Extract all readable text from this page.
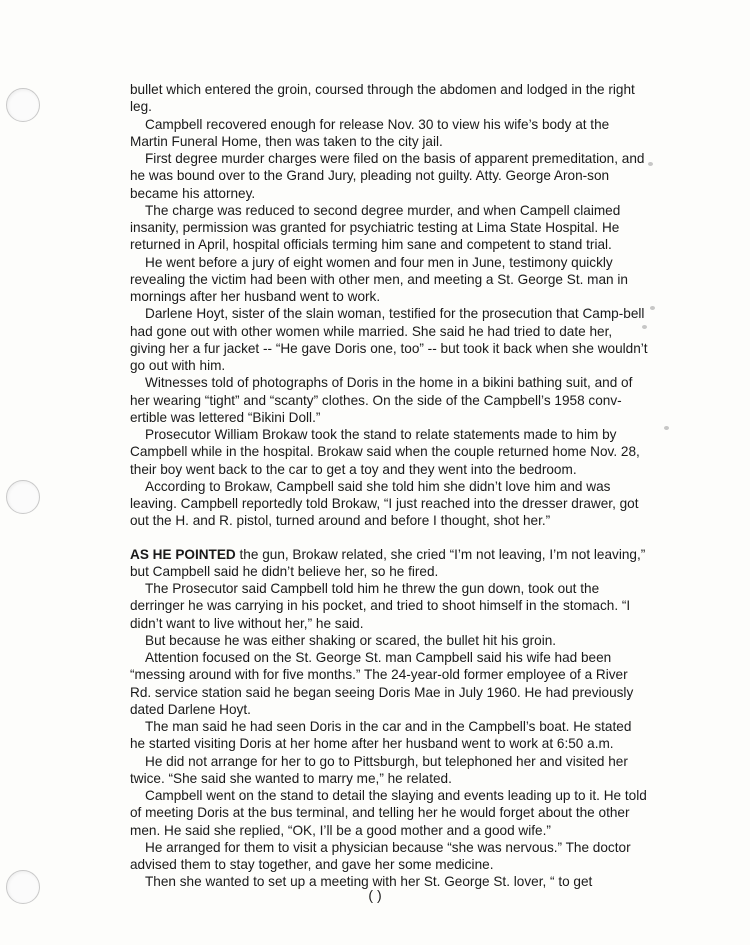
bullet which entered the groin, coursed through the abdomen and lodged in the right leg.

Campbell recovered enough for release Nov. 30 to view his wife’s body at the Martin Funeral Home, then was taken to the city jail.

First degree murder charges were filed on the basis of apparent premeditation, and he was bound over to the Grand Jury, pleading not guilty. Atty. George Aron-son became his attorney.

The charge was reduced to second degree murder, and when Campell claimed insanity, permission was granted for psychiatric testing at Lima State Hospital. He returned in April, hospital officials terming him sane and competent to stand trial.

He went before a jury of eight women and four men in June, testimony quickly revealing the victim had been with other men, and meeting a St. George St. man in mornings after her husband went to work.

Darlene Hoyt, sister of the slain woman, testified for the prosecution that Camp-bell had gone out with other women while married. She said he had tried to date her, giving her a fur jacket -- “He gave Doris one, too” -- but took it back when she wouldn’t go out with him.

Witnesses told of photographs of Doris in the home in a bikini bathing suit, and of her wearing “tight” and “scanty” clothes. On the side of the Campbell’s 1958 conv-ertible was lettered “Bikini Doll.”

Prosecutor William Brokaw took the stand to relate statements made to him by Campbell while in the hospital. Brokaw said when the couple returned home Nov. 28, their boy went back to the car to get a toy and they went into the bedroom.

According to Brokaw, Campbell said she told him she didn’t love him and was leaving. Campbell reportedly told Brokaw, “I just reached into the dresser drawer, got out the H. and R. pistol, turned around and before I thought, shot her.”

AS HE POINTED the gun, Brokaw related, she cried “I’m not leaving, I’m not leaving,” but Campbell said he didn’t believe her, so he fired.

The Prosecutor said Campbell told him he threw the gun down, took out the derringer he was carrying in his pocket, and tried to shoot himself in the stomach. “I didn’t want to live without her,” he said.

But because he was either shaking or scared, the bullet hit his groin.

Attention focused on the St. George St. man Campbell said his wife had been “messing around with for five months.” The 24-year-old former employee of a River Rd. service station said he began seeing Doris Mae in July 1960. He had previously dated Darlene Hoyt.

The man said he had seen Doris in the car and in the Campbell’s boat. He stated he started visiting Doris at her home after her husband went to work at 6:50 a.m.

He did not arrange for her to go to Pittsburgh, but telephoned her and visited her twice. “She said she wanted to marry me,” he related.

Campbell went on the stand to detail the slaying and events leading up to it. He told of meeting Doris at the bus terminal, and telling her he would forget about the other men. He said she replied, “OK, I’ll be a good mother and a good wife.”

He arranged for them to visit a physician because “she was nervous.” The doctor advised them to stay together, and gave her some medicine.

Then she wanted to set up a meeting with her St. George St. lover, “ to get

( )
